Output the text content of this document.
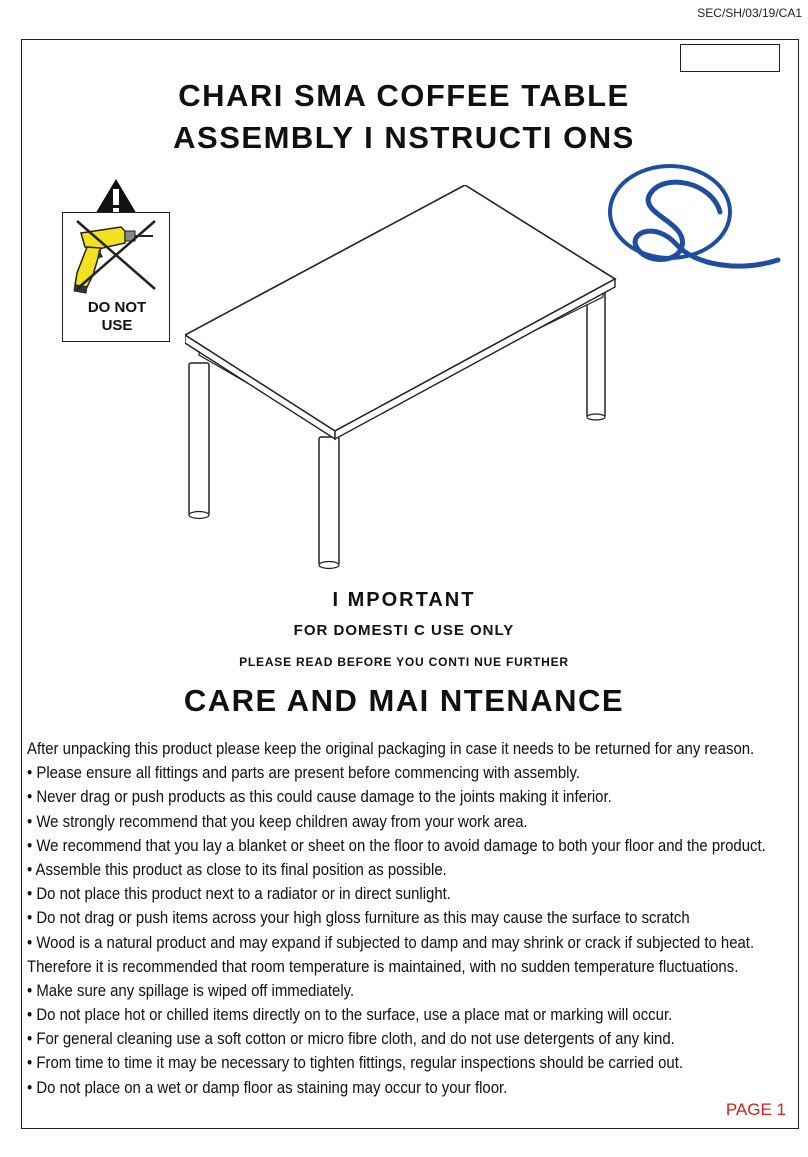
SEC/SH/03/19/CA1
CHARI SMA COFFEE TABLE
ASSEMBLY I NSTRUCTI ONS
DO NOT
USE
I MPORTANT
FOR DOMESTI C USE ONLY
PLEASE READ BEFORE YOU CONTI NUE FURTHER
CARE AND MAI NTENANCE
After unpacking this product please keep the original packaging in case it needs to be returned for any reason.
• Please ensure all fittings and parts are present before commencing with assembly.
• Never drag or push products as this could cause damage to the joints making it inferior.
• We strongly recommend that you keep children away from your work area.
• We recommend that you lay a blanket or sheet on the floor to avoid damage to both your floor and the product.
• Assemble this product as close to its final position as possible.
• Do not place this product next to a radiator or in direct sunlight.
• Do not drag or push items across your high gloss furniture as this may cause the surface to scratch
• Wood is a natural product and may expand if subjected to damp and may shrink or crack if subjected to heat.
Therefore it is recommended that room temperature is maintained, with no sudden temperature fluctuations.
• Make sure any spillage is wiped off immediately.
• Do not place hot or chilled items directly on to the surface, use a place mat or marking will occur.
• For general cleaning use a soft cotton or micro fibre cloth, and do not use detergents of any kind.
• From time to time it may be necessary to tighten fittings, regular inspections should be carried out.
• Do not place on a wet or damp floor as staining may occur to your floor.
PAGE 1
